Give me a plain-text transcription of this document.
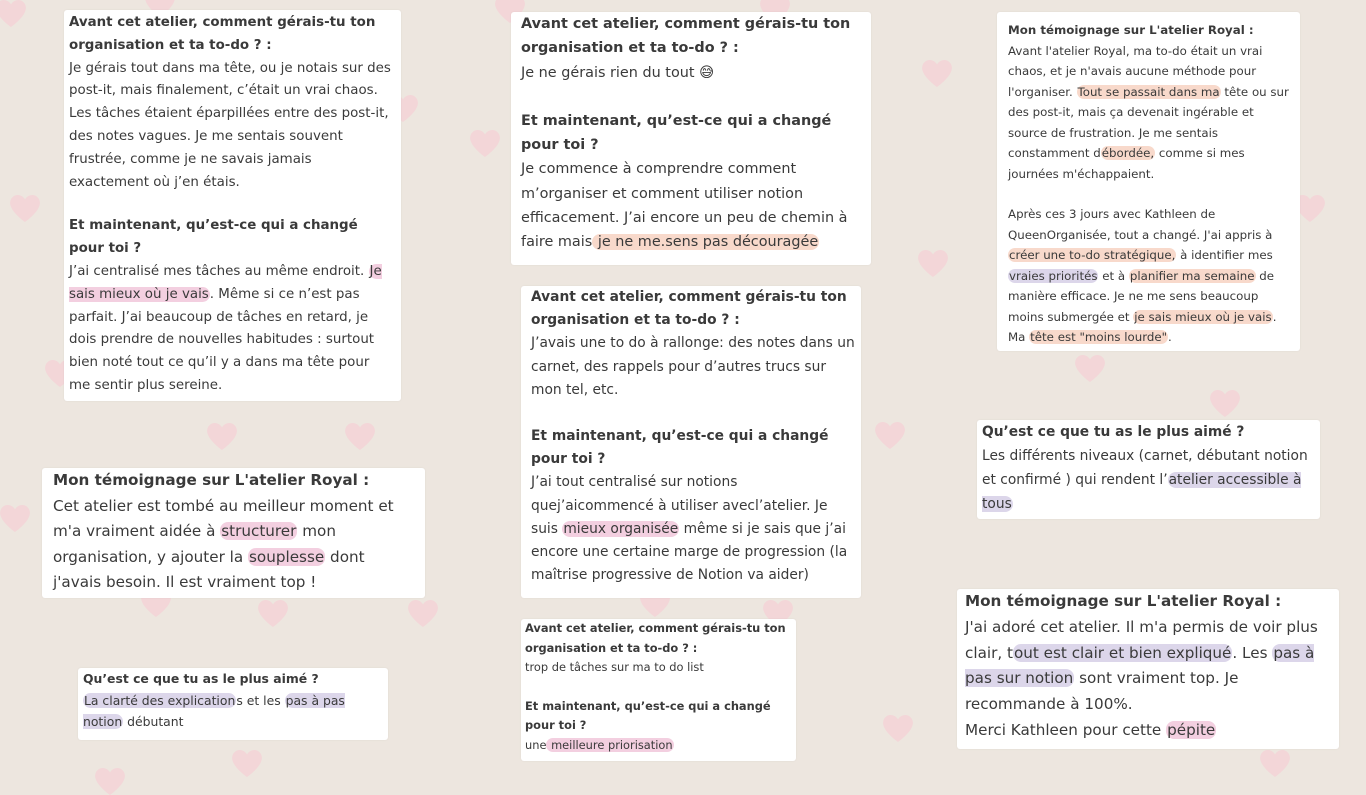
Avant cet atelier, comment gérais-tu ton organisation et ta to-do ? :

Je gérais tout dans ma tête, ou je notais sur des post-it, mais finalement, c’était un vrai chaos. Les tâches étaient éparpillées entre des post-it, des notes vagues. Je me sentais souvent frustrée, comme je ne savais jamais exactement où j’en étais.

Et maintenant, qu’est-ce qui a changé pour toi ?

J’ai centralisé mes tâches au même endroit. Je sais mieux où je vais. Même si ce n’est pas parfait. J’ai beaucoup de tâches en retard, je dois prendre de nouvelles habitudes : surtout bien noté tout ce qu’il y a dans ma tête pour me sentir plus sereine.

Avant cet atelier, comment gérais-tu ton organisation et ta to-do ? :

Je ne gérais rien du tout 😅

Et maintenant, qu’est-ce qui a changé pour toi ?

Je commence à comprendre comment m’organiser et comment utiliser notion efficacement. J’ai encore un peu de chemin à faire mais je ne me.sens pas découragée

Mon témoignage sur L'atelier Royal :

Avant l'atelier Royal, ma to-do était un vrai chaos, et je n'avais aucune méthode pour l'organiser. Tout se passait dans ma tête ou sur des post-it, mais ça devenait ingérable et source de frustration. Je me sentais constamment débordée, comme si mes journées m'échappaient.

Après ces 3 jours avec Kathleen de QueenOrganisée, tout a changé. J'ai appris à créer une to-do stratégique, à identifier mes vraies priorités et à planifier ma semaine de manière efficace. Je ne me sens beaucoup moins submergée et je sais mieux où je vais. Ma tête est "moins lourde".

Avant cet atelier, comment gérais-tu ton organisation et ta to-do ? :

J’avais une to do à rallonge: des notes dans un carnet, des rappels pour d’autres trucs sur mon tel, etc.

Et maintenant, qu’est-ce qui a changé pour toi ?

J’ai tout centralisé sur notions quej’aicommencé à utiliser avecl’atelier. Je suis mieux organisée même si je sais que j’ai encore une certaine marge de progression (la maîtrise progressive de Notion va aider)

Qu’est ce que tu as le plus aimé ?

Les différents niveaux (carnet, débutant notion et confirmé ) qui rendent l’atelier accessible à tous

Mon témoignage sur L'atelier Royal :

Cet atelier est tombé au meilleur moment et m'a vraiment aidée à structurer mon organisation, y ajouter la souplesse dont j'avais besoin. Il est vraiment top !

Mon témoignage sur L'atelier Royal :

J'ai adoré cet atelier. Il m'a permis de voir plus clair, tout est clair et bien expliqué. Les pas à pas sur notion sont vraiment top. Je recommande à 100%.

Merci Kathleen pour cette pépite

Avant cet atelier, comment gérais-tu ton organisation et ta to-do ? :

trop de tâches sur ma to do list

Et maintenant, qu’est-ce qui a changé pour toi ?

une meilleure priorisation

Qu’est ce que tu as le plus aimé ?

La clarté des explications et les pas à pas notion débutant
